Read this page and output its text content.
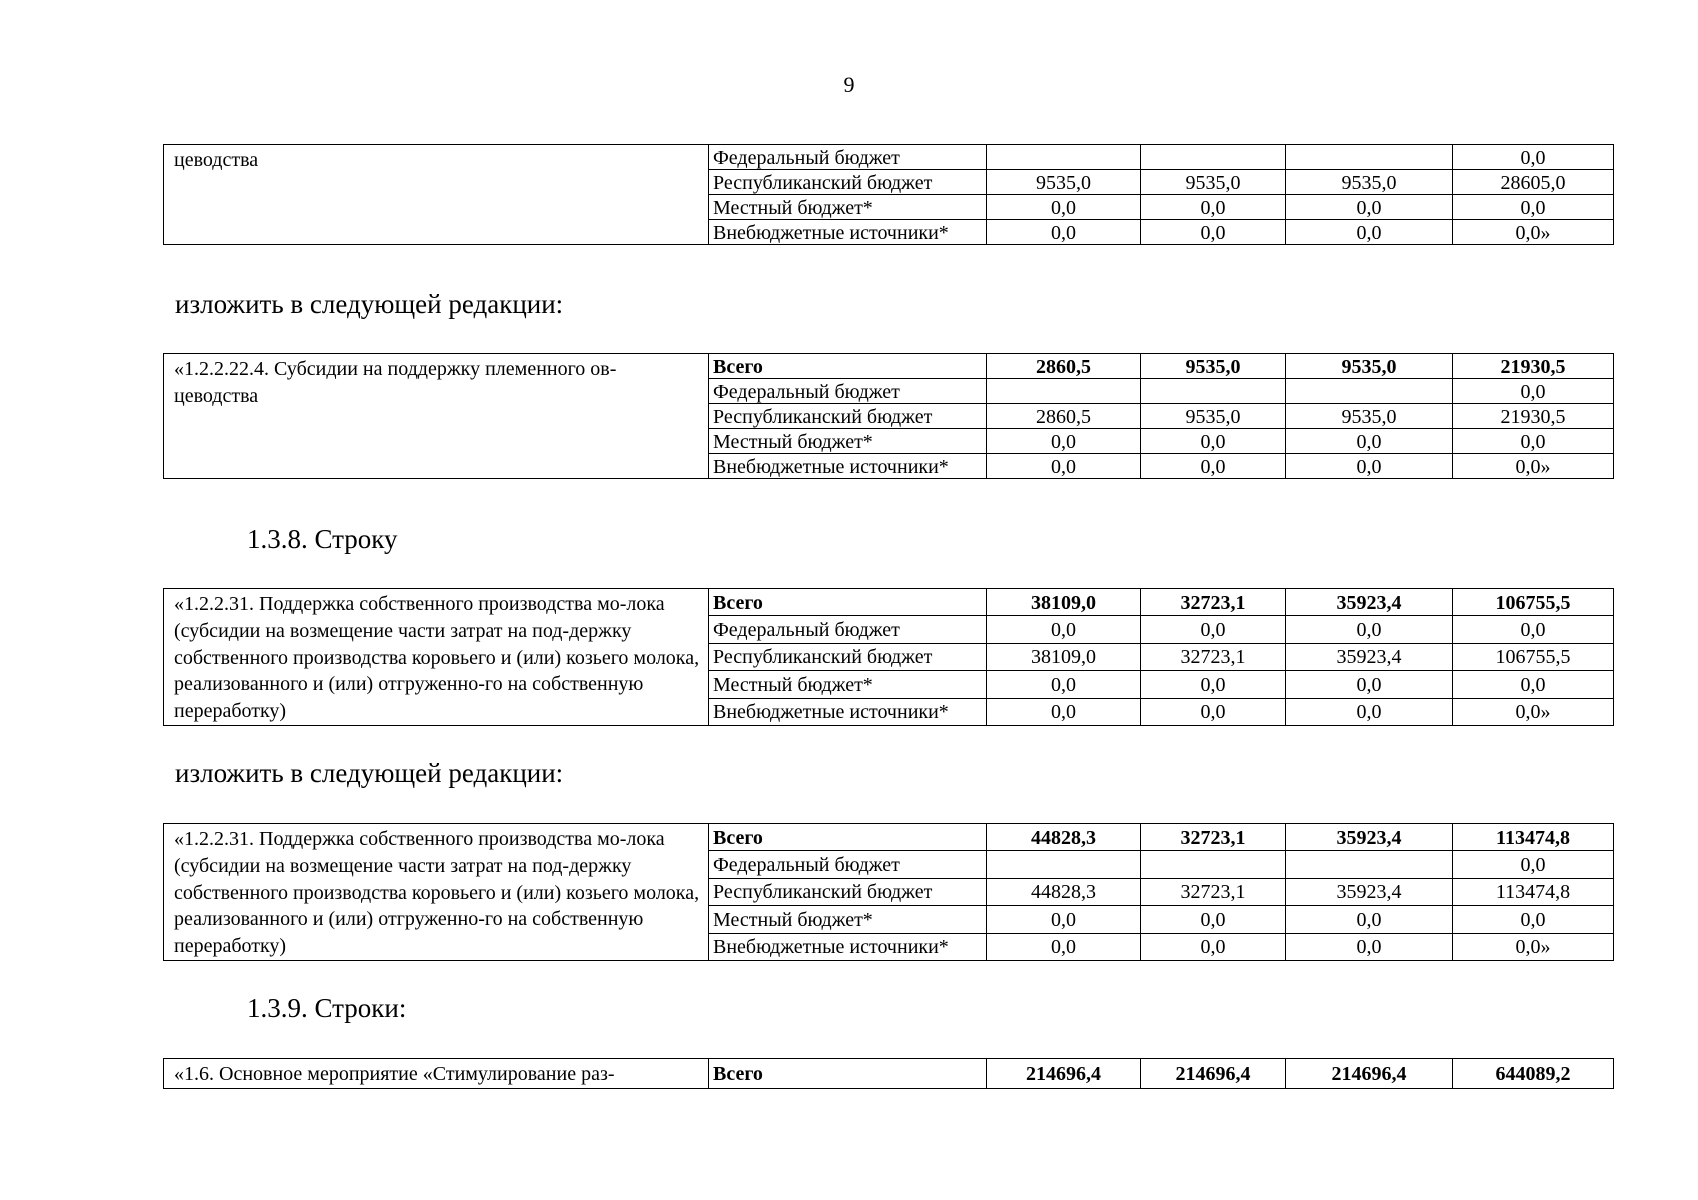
9
цеводства	Федеральный бюджет				0,0
	Республиканский бюджет	9535,0	9535,0	9535,0	28605,0
	Местный бюджет*	0,0	0,0	0,0	0,0
	Внебюджетные источники*	0,0	0,0	0,0	0,0»
изложить в следующей редакции:
«1.2.2.22.4. Субсидии на поддержку племенного ов-цеводства	Всего	2860,5	9535,0	9535,0	21930,5
	Федеральный бюджет				0,0
	Республиканский бюджет	2860,5	9535,0	9535,0	21930,5
	Местный бюджет*	0,0	0,0	0,0	0,0
	Внебюджетные источники*	0,0	0,0	0,0	0,0»
1.3.8. Строку
«1.2.2.31. Поддержка собственного производства мо-лока (субсидии на возмещение части затрат на под-держку собственного производства коровьего и (или) козьего молока, реализованного и (или) отгруженно-го на собственную переработку)	Всего	38109,0	32723,1	35923,4	106755,5
	Федеральный бюджет	0,0	0,0	0,0	0,0
	Республиканский бюджет	38109,0	32723,1	35923,4	106755,5
	Местный бюджет*	0,0	0,0	0,0	0,0
	Внебюджетные источники*	0,0	0,0	0,0	0,0»
изложить в следующей редакции:
«1.2.2.31. Поддержка собственного производства мо-лока (субсидии на возмещение части затрат на под-держку собственного производства коровьего и (или) козьего молока, реализованного и (или) отгруженно-го на собственную переработку)	Всего	44828,3	32723,1	35923,4	113474,8
	Федеральный бюджет				0,0
	Республиканский бюджет	44828,3	32723,1	35923,4	113474,8
	Местный бюджет*	0,0	0,0	0,0	0,0
	Внебюджетные источники*	0,0	0,0	0,0	0,0»
1.3.9. Строки:
«1.6. Основное мероприятие «Стимулирование раз-	Всего	214696,4	214696,4	214696,4	644089,2
